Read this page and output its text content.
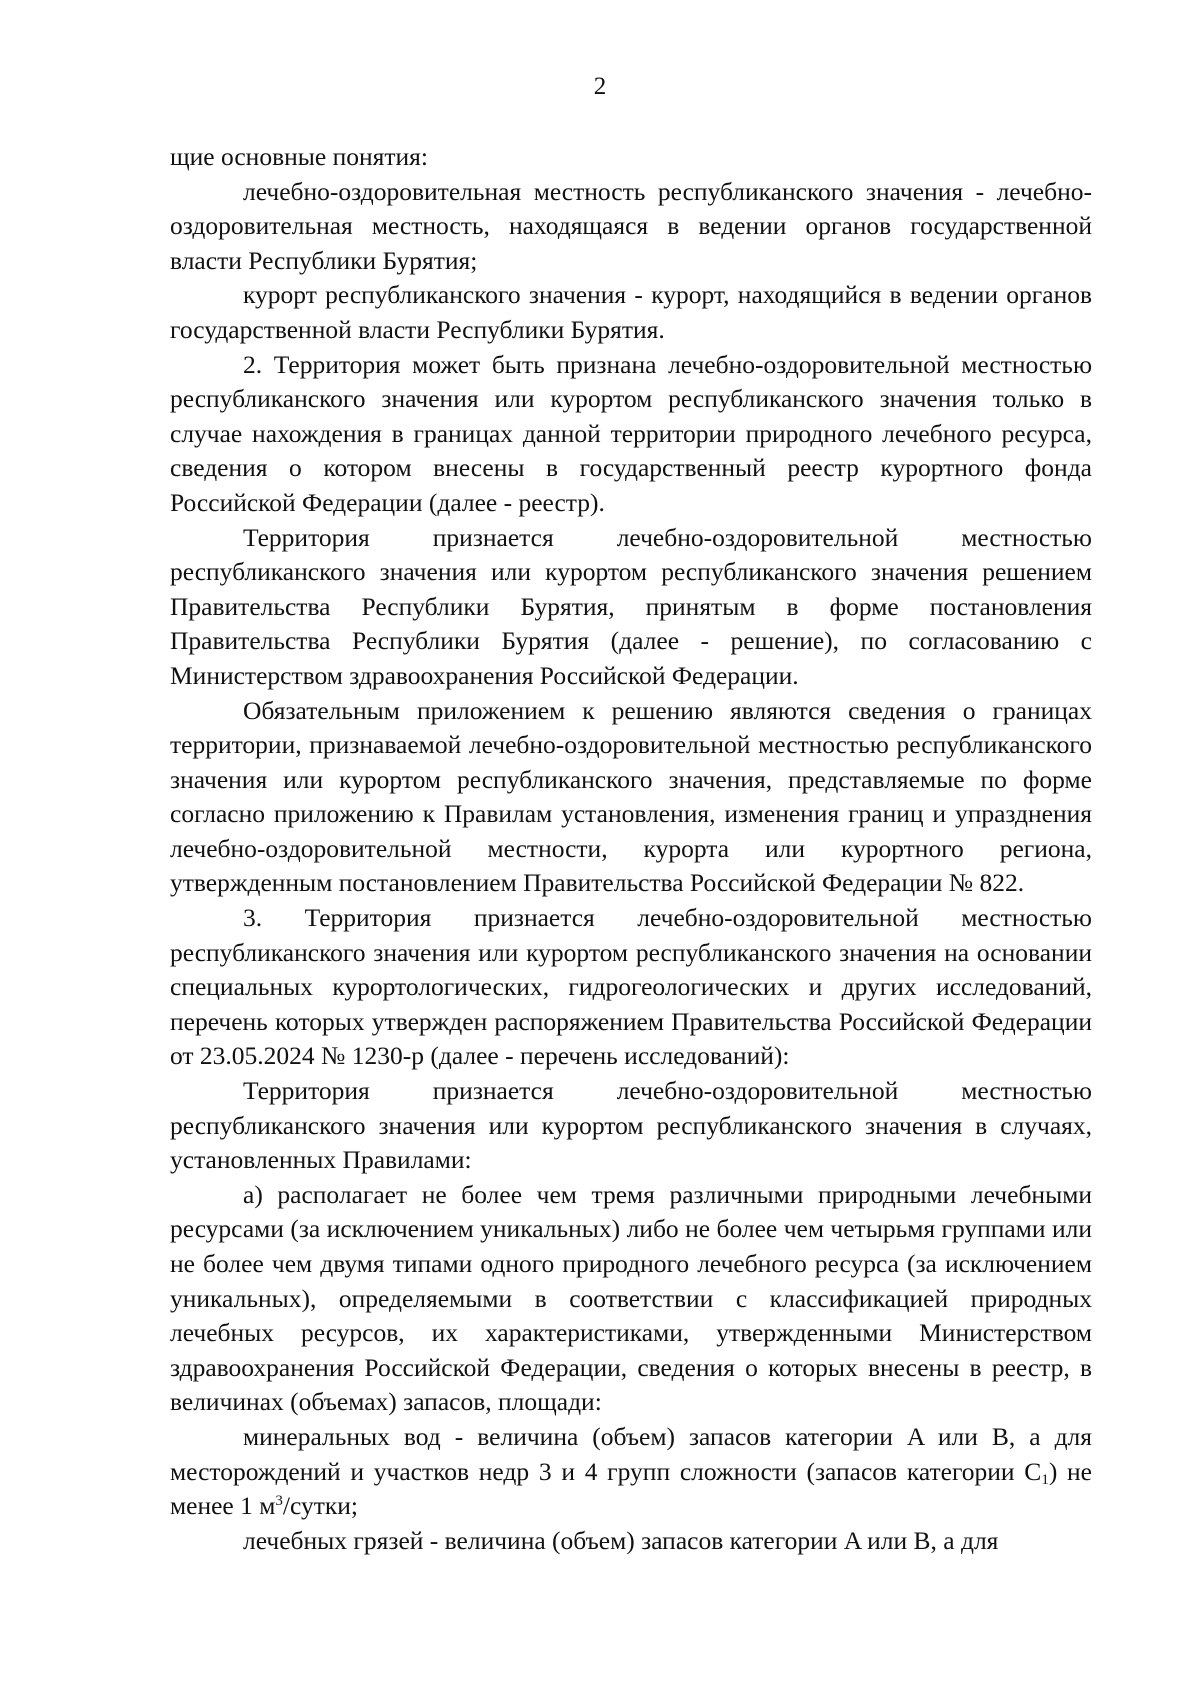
2

щие основные понятия:

лечебно-оздоровительная местность республиканского значения - лечебно-оздоровительная местность, находящаяся в ведении органов государственной власти Республики Бурятия;

курорт республиканского значения - курорт, находящийся в ведении органов государственной власти Республики Бурятия.

2. Территория может быть признана лечебно-оздоровительной местностью республиканского значения или курортом республиканского значения только в случае нахождения в границах данной территории природного лечебного ресурса, сведения о котором внесены в государственный реестр курортного фонда Российской Федерации (далее - реестр).

Территория признается лечебно-оздоровительной местностью республиканского значения или курортом республиканского значения решением Правительства Республики Бурятия, принятым в форме постановления Правительства Республики Бурятия (далее - решение), по согласованию с Министерством здравоохранения Российской Федерации.

Обязательным приложением к решению являются сведения о границах территории, признаваемой лечебно-оздоровительной местностью республиканского значения или курортом республиканского значения, представляемые по форме согласно приложению к Правилам установления, изменения границ и упразднения лечебно-оздоровительной местности, курорта или курортного региона, утвержденным постановлением Правительства Российской Федерации № 822.

3. Территория признается лечебно-оздоровительной местностью республиканского значения или курортом республиканского значения на основании специальных курортологических, гидрогеологических и других исследований, перечень которых утвержден распоряжением Правительства Российской Федерации от 23.05.2024 № 1230-р (далее - перечень исследований):

Территория признается лечебно-оздоровительной местностью республиканского значения или курортом республиканского значения в случаях, установленных Правилами:

а) располагает не более чем тремя различными природными лечебными ресурсами (за исключением уникальных) либо не более чем четырьмя группами или не более чем двумя типами одного природного лечебного ресурса (за исключением уникальных), определяемыми в соответствии с классификацией природных лечебных ресурсов, их характеристиками, утвержденными Министерством здравоохранения Российской Федерации, сведения о которых внесены в реестр, в величинах (объемах) запасов, площади:

минеральных вод - величина (объем) запасов категории A или B, а для месторождений и участков недр 3 и 4 групп сложности (запасов категории $C_1$) не менее 1 $м^3$/сутки;

лечебных грязей - величина (объем) запасов категории A или B, а для
